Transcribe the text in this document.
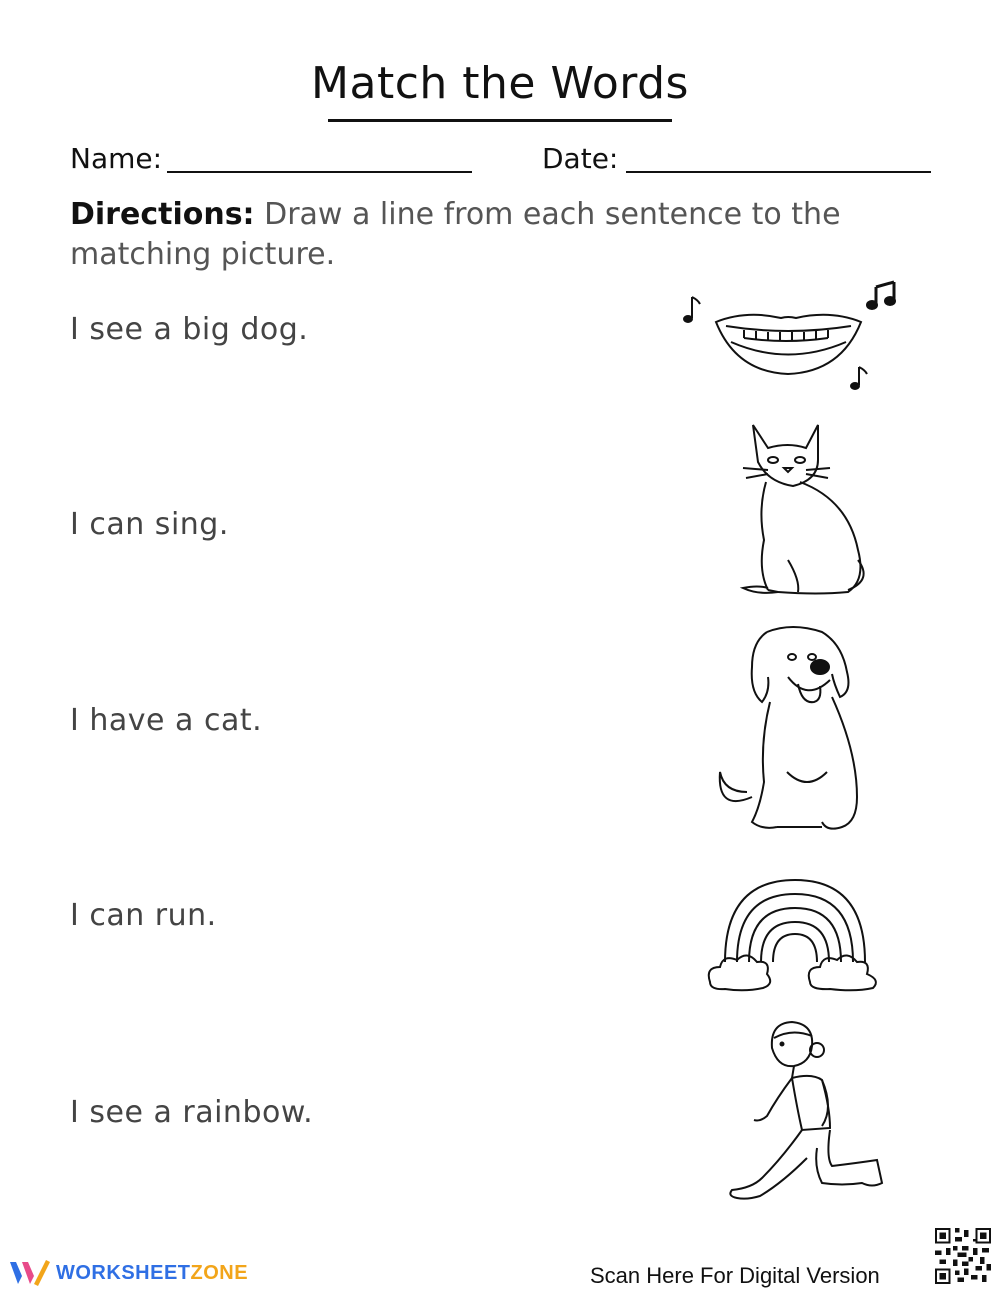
Match the Words
Name:	Date:
Directions: Draw a line from each sentence to the matching picture.
I see a big dog.
I can sing.
I have a cat.
I can run.
I see a rainbow.
WORKSHEETZONE	Scan Here For Digital Version
